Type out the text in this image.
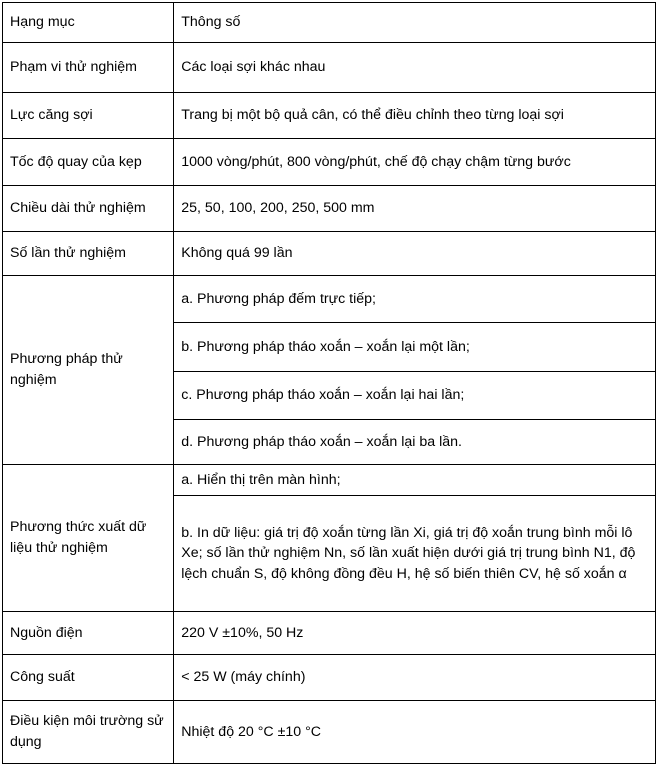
Hạng mục	Thông số
Phạm vi thử nghiệm	Các loại sợi khác nhau
Lực căng sợi	Trang bị một bộ quả cân, có thể điều chỉnh theo từng loại sợi
Tốc độ quay của kẹp	1000 vòng/phút, 800 vòng/phút, chế độ chạy chậm từng bước
Chiều dài thử nghiệm	25, 50, 100, 200, 250, 500 mm
Số lần thử nghiệm	Không quá 99 lần
Phương pháp thử nghiệm	a. Phương pháp đếm trực tiếp;
	b. Phương pháp tháo xoắn – xoắn lại một lần;
	c. Phương pháp tháo xoắn – xoắn lại hai lần;
	d. Phương pháp tháo xoắn – xoắn lại ba lần.
Phương thức xuất dữ liệu thử nghiệm	a. Hiển thị trên màn hình;
	b. In dữ liệu: giá trị độ xoắn từng lần Xi, giá trị độ xoắn trung bình mỗi lô Xe; số lần thử nghiệm Nn, số lần xuất hiện dưới giá trị trung bình N1, độ lệch chuẩn S, độ không đồng đều H, hệ số biến thiên CV, hệ số xoắn α
Nguồn điện	220 V ±10%, 50 Hz
Công suất	< 25 W (máy chính)
Điều kiện môi trường sử dụng	Nhiệt độ 20 °C ±10 °C
